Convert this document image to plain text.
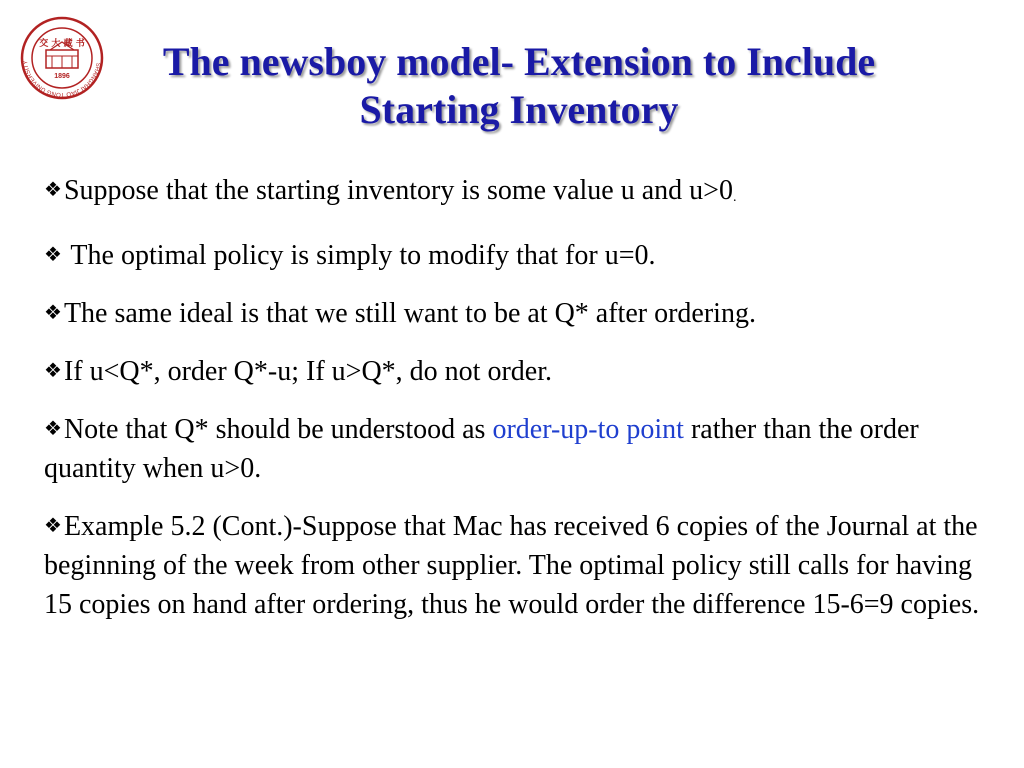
SHANGHAI JIAO TONG UNIVERSITY
交 大 藏 书
1896	The newsboy model- Extension to Include
Starting Inventory
❖Suppose that the starting inventory is some value u and u>0.
❖ The optimal policy is simply to modify that for u=0.
❖The same ideal is that we still want to be at Q* after ordering.
❖If u<Q*, order Q*-u; If u>Q*, do not order.
❖Note that Q* should be understood as order-up-to point rather than the order quantity when u>0.
❖Example 5.2 (Cont.)-Suppose that Mac has received 6 copies of the Journal at the beginning of the week from other supplier. The optimal policy still calls for having 15 copies on hand after ordering, thus he would order the difference 15-6=9 copies.
